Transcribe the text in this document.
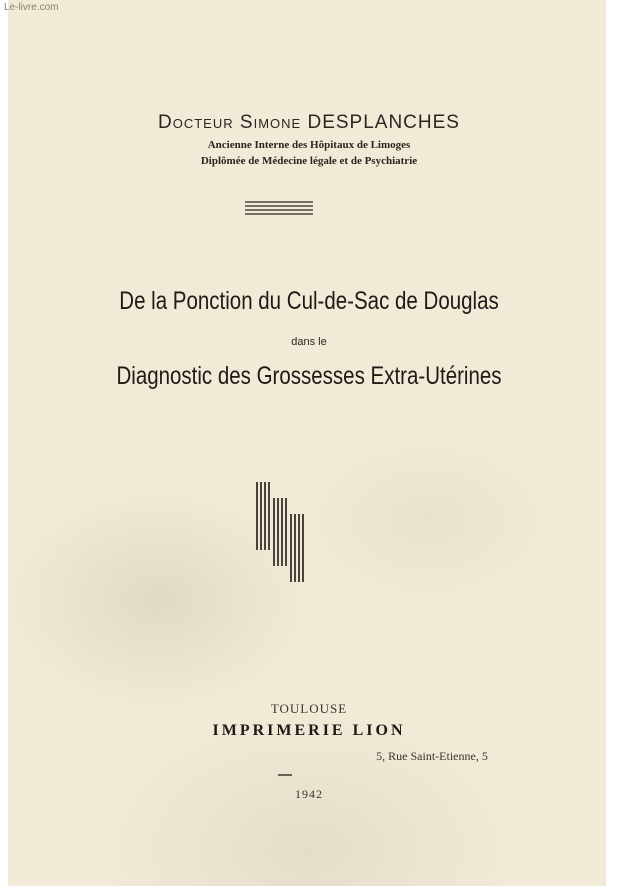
Le-livre.com
Docteur Simone DESPLANCHES
Ancienne Interne des Hôpitaux de Limoges
Diplômée de Médecine légale et de Psychiatrie
De la Ponction du Cul-de-Sac de Douglas
dans le
Diagnostic des Grossesses Extra-Utérines
TOULOUSE
IMPRIMERIE LION
5, Rue Saint-Etienne, 5
1942
